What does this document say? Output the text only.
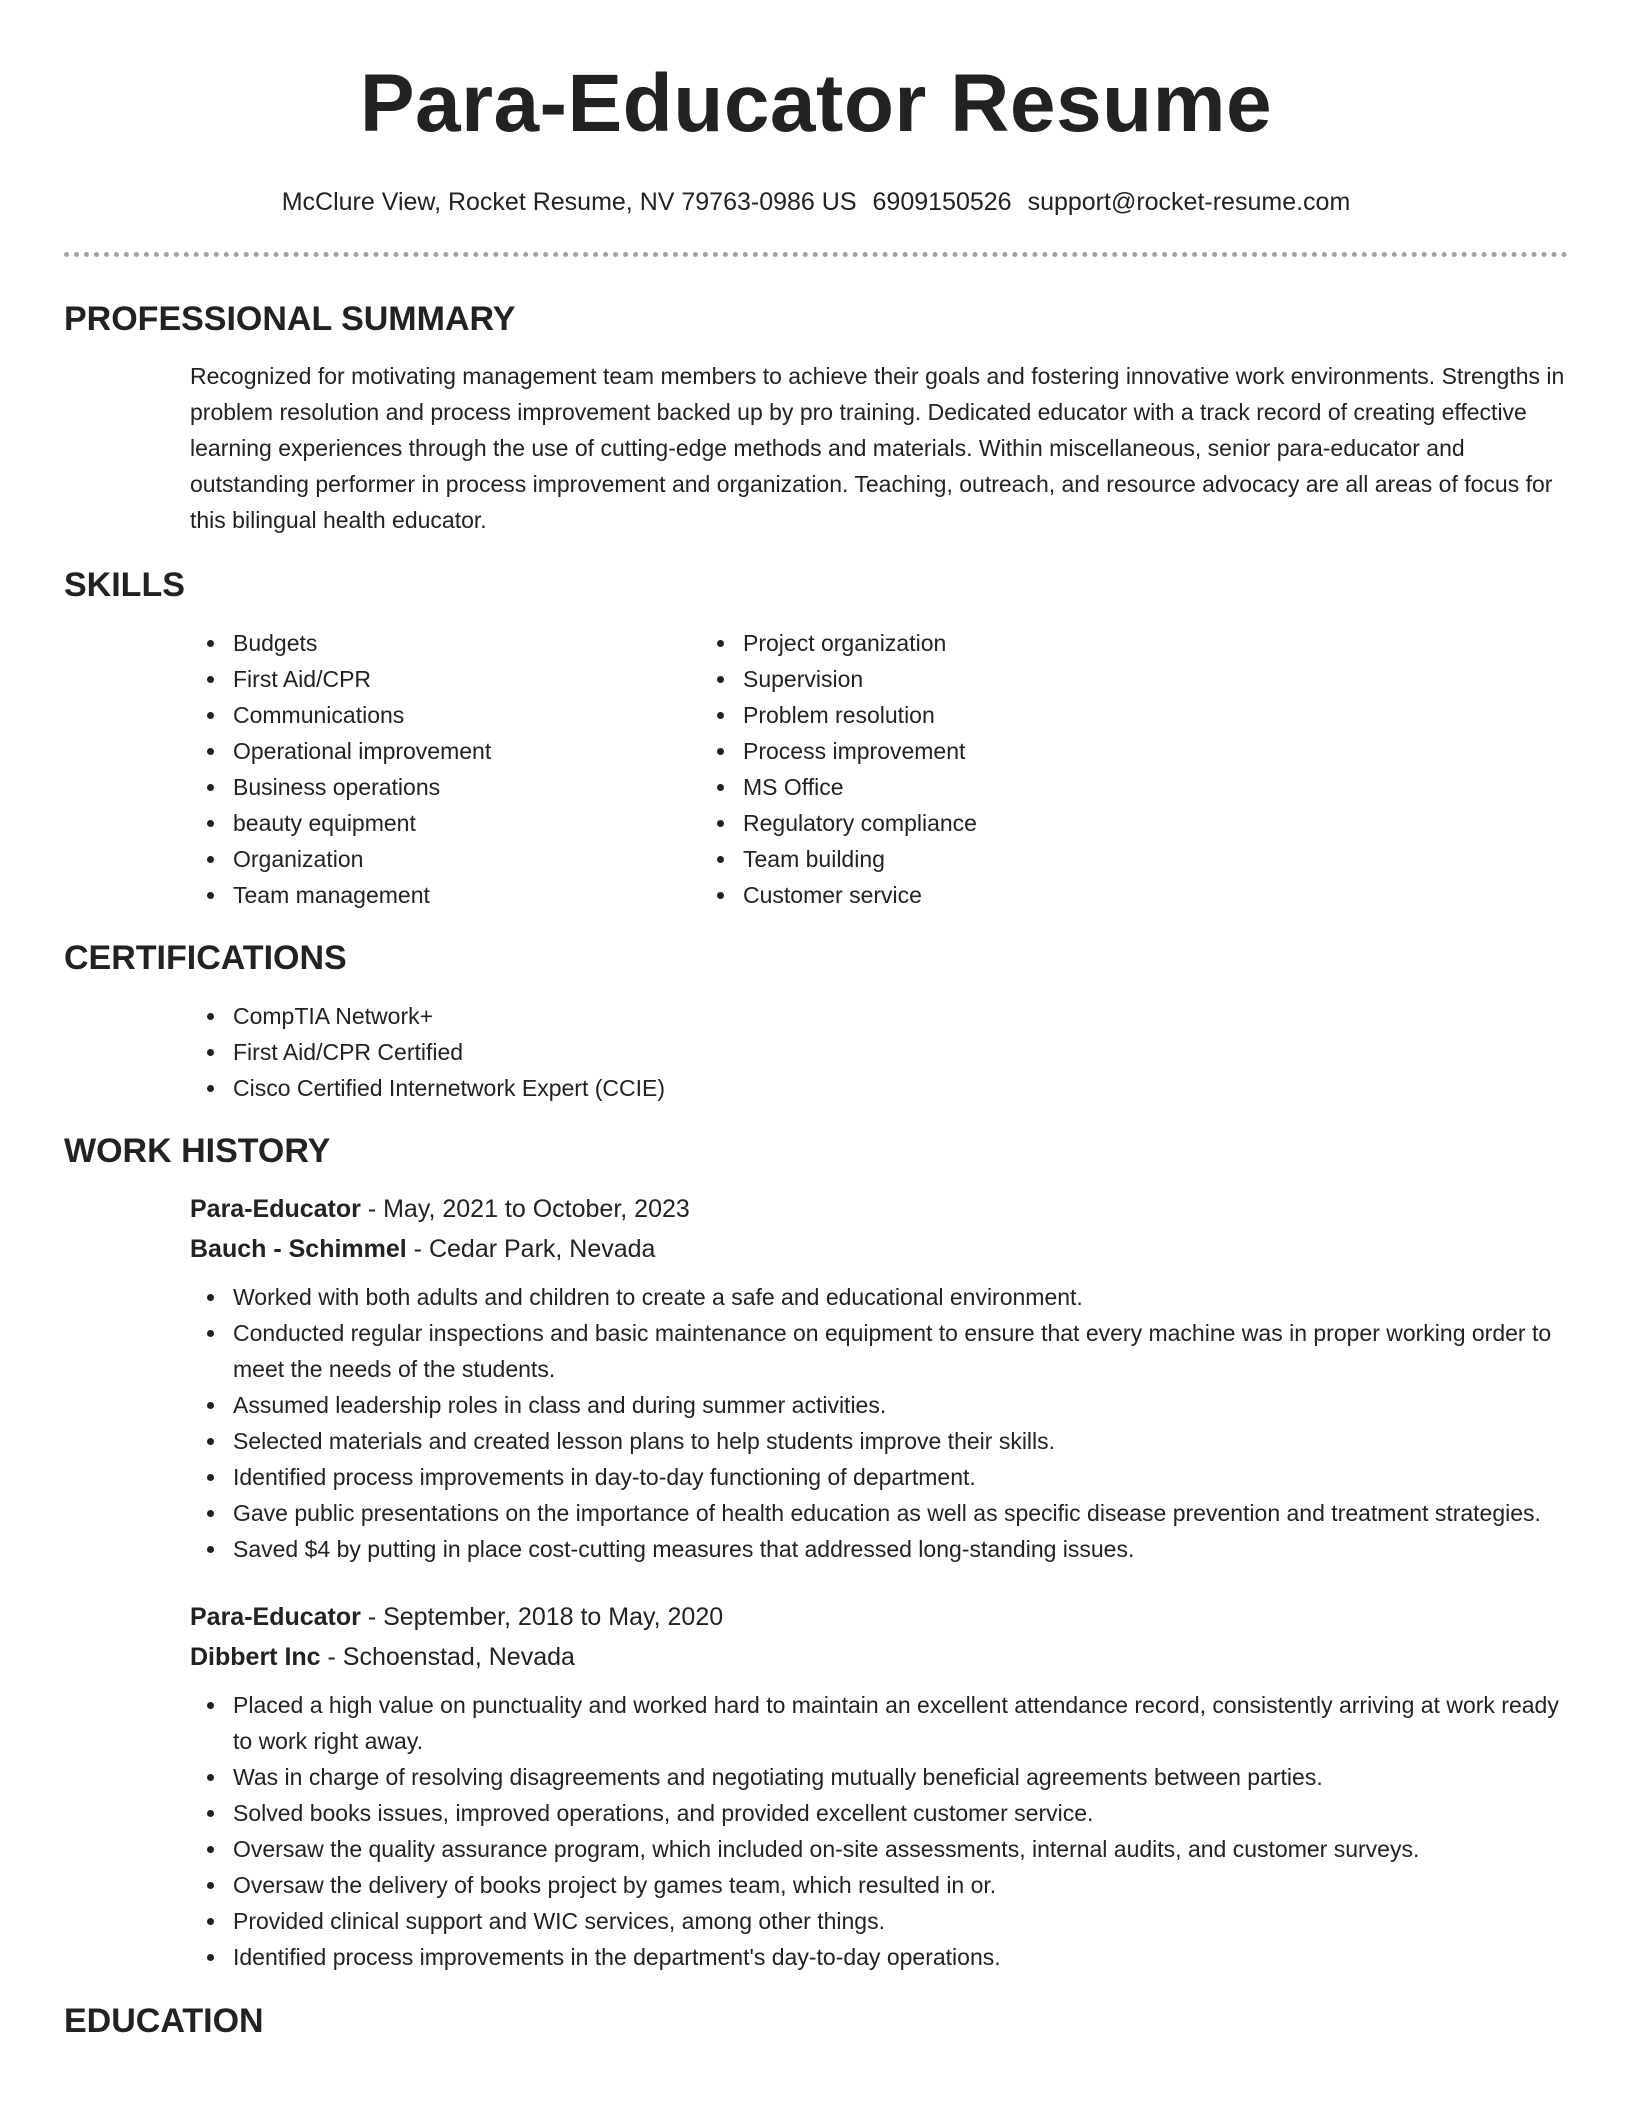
Para-Educator Resume
McClure View, Rocket Resume, NV 79763-0986 US 6909150526 support@rocket-resume.com
PROFESSIONAL SUMMARY

Recognized for motivating management team members to achieve their goals and fostering innovative work environments. Strengths in problem resolution and process improvement backed up by pro training. Dedicated educator with a track record of creating effective learning experiences through the use of cutting-edge methods and materials. Within miscellaneous, senior para-educator and outstanding performer in process improvement and organization. Teaching, outreach, and resource advocacy are all areas of focus for this bilingual health educator.

SKILLS
Budgets
First Aid/CPR
Communications
Operational improvement
Business operations
beauty equipment
Organization
Team management
Project organization
Supervision
Problem resolution
Process improvement
MS Office
Regulatory compliance
Team building
Customer service
CERTIFICATIONS
CompTIA Network+
First Aid/CPR Certified
Cisco Certified Internetwork Expert (CCIE)
WORK HISTORY
Para-Educator - May, 2021 to October, 2023
Bauch - Schimmel - Cedar Park, Nevada
Worked with both adults and children to create a safe and educational environment.
Conducted regular inspections and basic maintenance on equipment to ensure that every machine was in proper working order to meet the needs of the students.
Assumed leadership roles in class and during summer activities.
Selected materials and created lesson plans to help students improve their skills.
Identified process improvements in day-to-day functioning of department.
Gave public presentations on the importance of health education as well as specific disease prevention and treatment strategies.
Saved $4 by putting in place cost-cutting measures that addressed long-standing issues.
Para-Educator - September, 2018 to May, 2020
Dibbert Inc - Schoenstad, Nevada
Placed a high value on punctuality and worked hard to maintain an excellent attendance record, consistently arriving at work ready to work right away.
Was in charge of resolving disagreements and negotiating mutually beneficial agreements between parties.
Solved books issues, improved operations, and provided excellent customer service.
Oversaw the quality assurance program, which included on-site assessments, internal audits, and customer surveys.
Oversaw the delivery of books project by games team, which resulted in or.
Provided clinical support and WIC services, among other things.
Identified process improvements in the department's day-to-day operations.
EDUCATION
